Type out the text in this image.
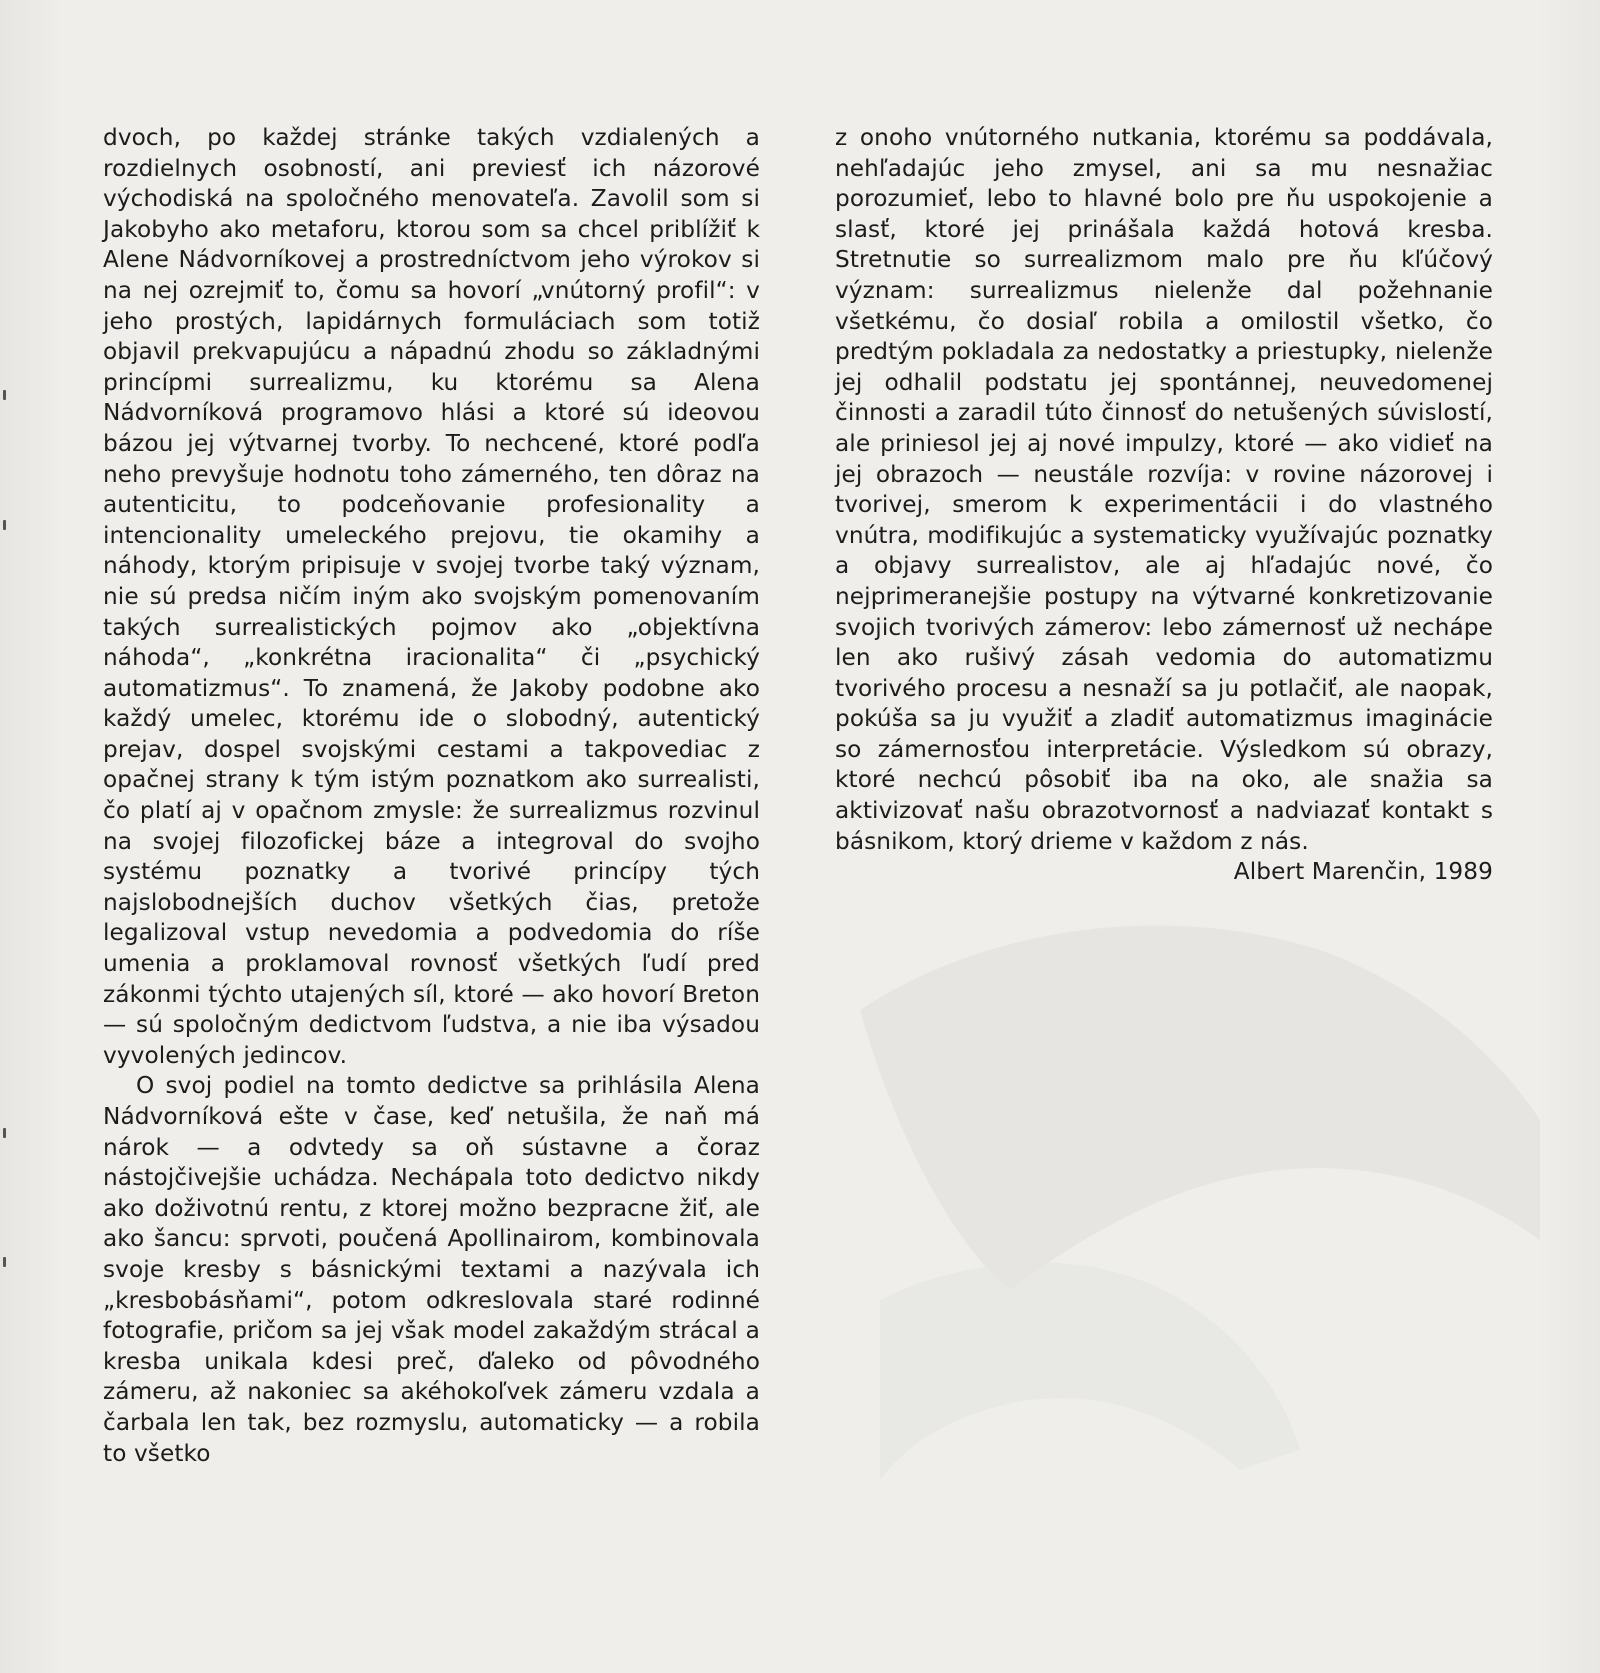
dvoch, po každej stránke takých vzdialených a rozdielnych osobností, ani previesť ich názorové východiská na spoločného menovateľa. Zavolil som si Jakobyho ako metaforu, ktorou som sa chcel priblížiť k Alene Nádvorníkovej a prostredníctvom jeho výrokov si na nej ozrejmiť to, čomu sa hovorí „vnútorný profil“: v jeho prostých, lapidárnych formuláciach som totiž objavil prekvapujúcu a nápadnú zhodu so základnými princípmi surrealizmu, ku ktorému sa Alena Nádvorníková programovo hlási a ktoré sú ideovou bázou jej výtvarnej tvorby. To nechcené, ktoré podľa neho prevyšuje hodnotu toho zámerného, ten dôraz na autenticitu, to podceňovanie profesionality a intencionality umeleckého prejovu, tie okamihy a náhody, ktorým pripisuje v svojej tvorbe taký význam, nie sú predsa ničím iným ako svojským pomenovaním takých surrealistických pojmov ako „objektívna náhoda“, „konkrétna iracionalita“ či „psychický automatizmus“. To znamená, že Jakoby podobne ako každý umelec, ktorému ide o slobodný, autentický prejav, dospel svojskými cestami a takpovediac z opačnej strany k tým istým poznatkom ako surrealisti, čo platí aj v opačnom zmysle: že surrealizmus rozvinul na svojej filozofickej báze a integroval do svojho systému poznatky a tvorivé princípy tých najslobodnejších duchov všetkých čias, pretože legalizoval vstup nevedomia a podvedomia do ríše umenia a proklamoval rovnosť všetkých ľudí pred zákonmi týchto utajených síl, ktoré — ako hovorí Breton — sú spoločným dedictvom ľudstva, a nie iba výsadou vyvolených jedincov.

O svoj podiel na tomto dedictve sa prihlásila Alena Nádvorníková ešte v čase, keď netušila, že naň má nárok — a odvtedy sa oň sústavne a čoraz nástojčivejšie uchádza. Nechápala toto dedictvo nikdy ako doživotnú rentu, z ktorej možno bezpracne žiť, ale ako šancu: sprvoti, poučená Apollinairom, kombinovala svoje kresby s básnickými textami a nazývala ich „kresbobásňami“, potom odkreslovala staré rodinné fotografie, pričom sa jej však model zakaždým strácal a kresba unikala kdesi preč, ďaleko od pôvodného zámeru, až nakoniec sa akéhokoľvek zámeru vzdala a čarbala len tak, bez rozmyslu, automaticky — a robila to všetko

z onoho vnútorného nutkania, ktorému sa poddávala, nehľadajúc jeho zmysel, ani sa mu nesnažiac porozumieť, lebo to hlavné bolo pre ňu uspokojenie a slasť, ktoré jej prinášala každá hotová kresba. Stretnutie so surrealizmom malo pre ňu kľúčový význam: surrealizmus nielenže dal požehnanie všetkému, čo dosiaľ robila a omilostil všetko, čo predtým pokladala za nedostatky a priestupky, nielenže jej odhalil podstatu jej spontánnej, neuvedomenej činnosti a zaradil túto činnosť do netušených súvislostí, ale priniesol jej aj nové impulzy, ktoré — ako vidieť na jej obrazoch — neustále rozvíja: v rovine názorovej i tvorivej, smerom k experimentácii i do vlastného vnútra, modifikujúc a systematicky využívajúc poznatky a objavy surrealistov, ale aj hľadajúc nové, čo nejprimeranejšie postupy na výtvarné konkretizovanie svojich tvorivých zámerov: lebo zámernosť už nechápe len ako rušivý zásah vedomia do automatizmu tvorivého procesu a nesnaží sa ju potlačiť, ale naopak, pokúša sa ju využiť a zladiť automatizmus imaginácie so zámernosťou interpretácie. Výsledkom sú obrazy, ktoré nechcú pôsobiť iba na oko, ale snažia sa aktivizovať našu obrazotvornosť a nadviazať kontakt s básnikom, ktorý drieme v každom z nás.

Albert Marenčin, 1989
